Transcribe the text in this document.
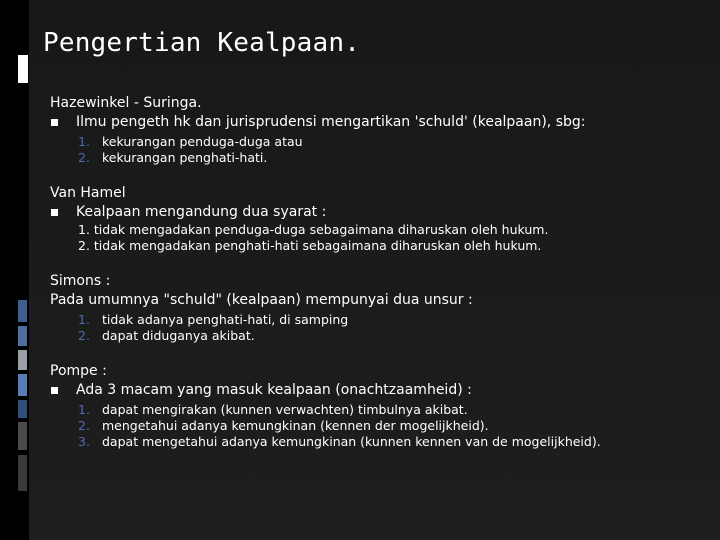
Pengertian Kealpaan.
Hazewinkel - Suringa.
Ilmu pengeth hk dan jurisprudensi mengartikan 'schuld' (kealpaan), sbg:
1. kekurangan penduga-duga atau
2. kekurangan penghati-hati.
Van Hamel
Kealpaan mengandung dua syarat :
1. tidak mengadakan penduga-duga sebagaimana diharuskan oleh hukum.
2. tidak mengadakan penghati-hati sebagaimana diharuskan oleh hukum.
Simons :
Pada umumnya "schuld" (kealpaan) mempunyai dua unsur :
1. tidak adanya penghati-hati, di samping
2. dapat diduganya akibat.
Pompe :
Ada 3 macam yang masuk kealpaan (onachtzaamheid) :
1. dapat mengirakan (kunnen verwachten) timbulnya akibat.
2. mengetahui adanya kemungkinan (kennen der mogelijkheid).
3. dapat mengetahui adanya kemungkinan (kunnen kennen van de mogelijkheid).
